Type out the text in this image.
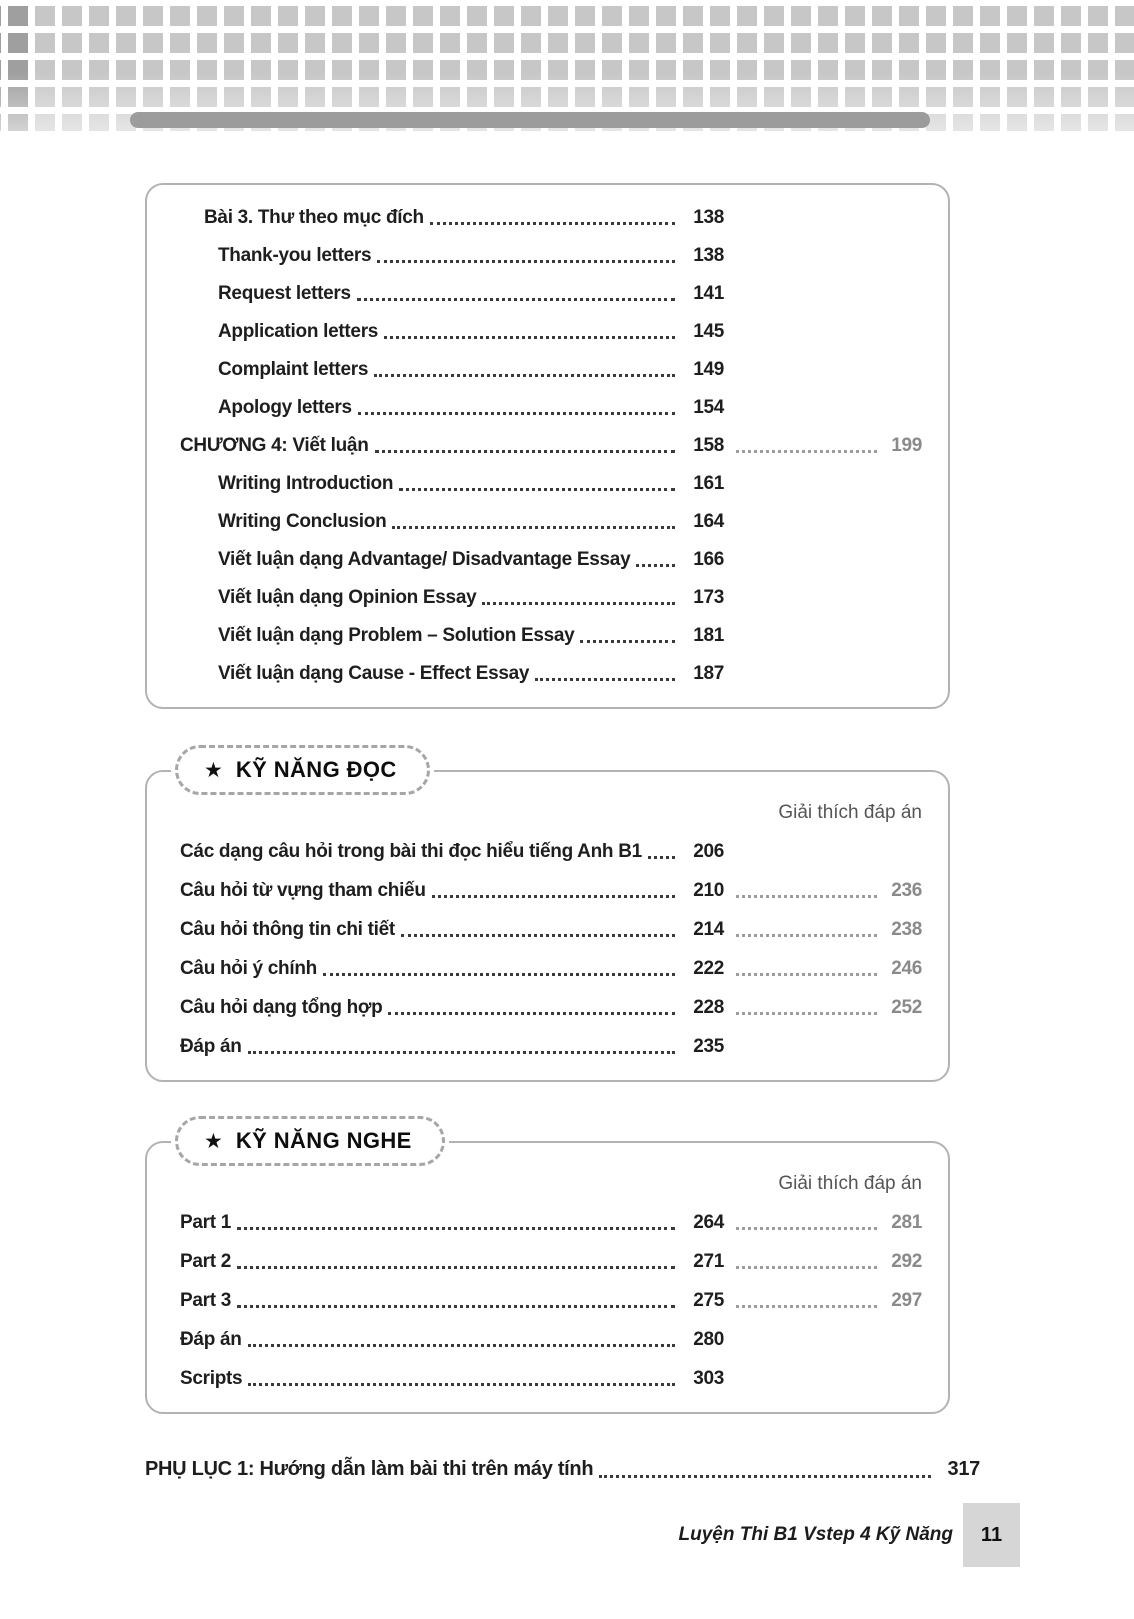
Bài 3. Thư theo mục đích	138
Thank-you letters	138
Request letters	141
Application letters	145
Complaint letters	149
Apology letters	154
CHƯƠNG 4: Viết luận	158	199
Writing Introduction	161
Writing Conclusion	164
Viết luận dạng Advantage/ Disadvantage Essay	166
Viết luận dạng Opinion Essay	173
Viết luận dạng Problem – Solution Essay	181
Viết luận dạng Cause - Effect Essay	187
★ KỸ NĂNG ĐỌC
Giải thích đáp án
Các dạng câu hỏi trong bài thi đọc hiểu tiếng Anh B1	206
Câu hỏi từ vựng tham chiếu	210	236
Câu hỏi thông tin chi tiết	214	238
Câu hỏi ý chính	222	246
Câu hỏi dạng tổng hợp	228	252
Đáp án	235
★ KỸ NĂNG NGHE
Giải thích đáp án
Part 1	264	281
Part 2	271	292
Part 3	275	297
Đáp án	280
Scripts	303
PHỤ LỤC 1: Hướng dẫn làm bài thi trên máy tính	317
Luyện Thi B1 Vstep 4 Kỹ Năng 11
